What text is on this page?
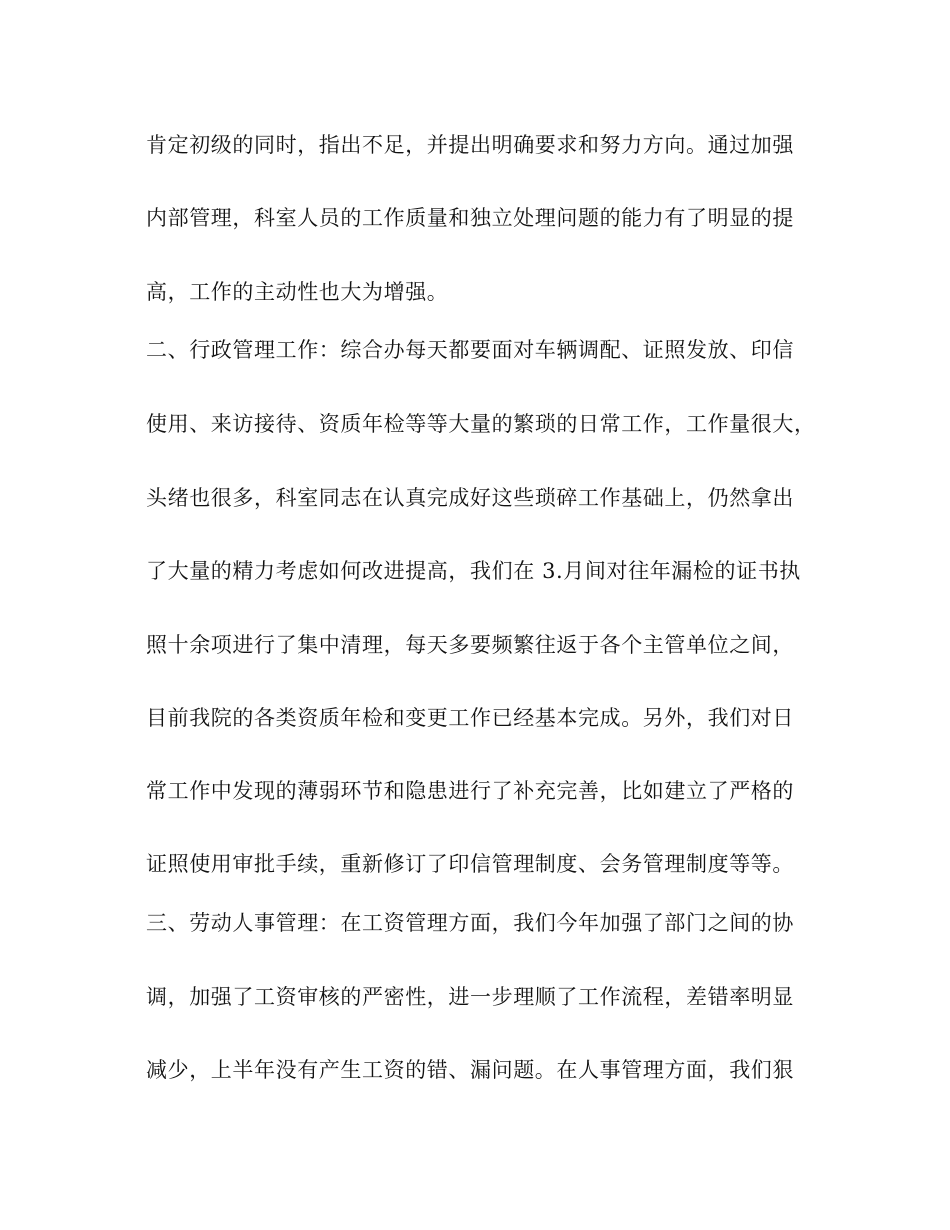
肯定初级的同时，指出不足，并提出明确要求和努力方向。通过加强
内部管理，科室人员的工作质量和独立处理问题的能力有了明显的提
高，工作的主动性也大为增强。
二、行政管理工作：综合办每天都要面对车辆调配、证照发放、印信
使用、来访接待、资质年检等等大量的繁琐的日常工作，工作量很大，
头绪也很多，科室同志在认真完成好这些琐碎工作基础上，仍然拿出
了大量的精力考虑如何改进提高，我们在 3.月间对往年漏检的证书执
照十余项进行了集中清理，每天多要频繁往返于各个主管单位之间，
目前我院的各类资质年检和变更工作已经基本完成。另外，我们对日
常工作中发现的薄弱环节和隐患进行了补充完善，比如建立了严格的
证照使用审批手续，重新修订了印信管理制度、会务管理制度等等。
三、劳动人事管理：在工资管理方面，我们今年加强了部门之间的协
调，加强了工资审核的严密性，进一步理顺了工作流程，差错率明显
减少，上半年没有产生工资的错、漏问题。在人事管理方面，我们狠
